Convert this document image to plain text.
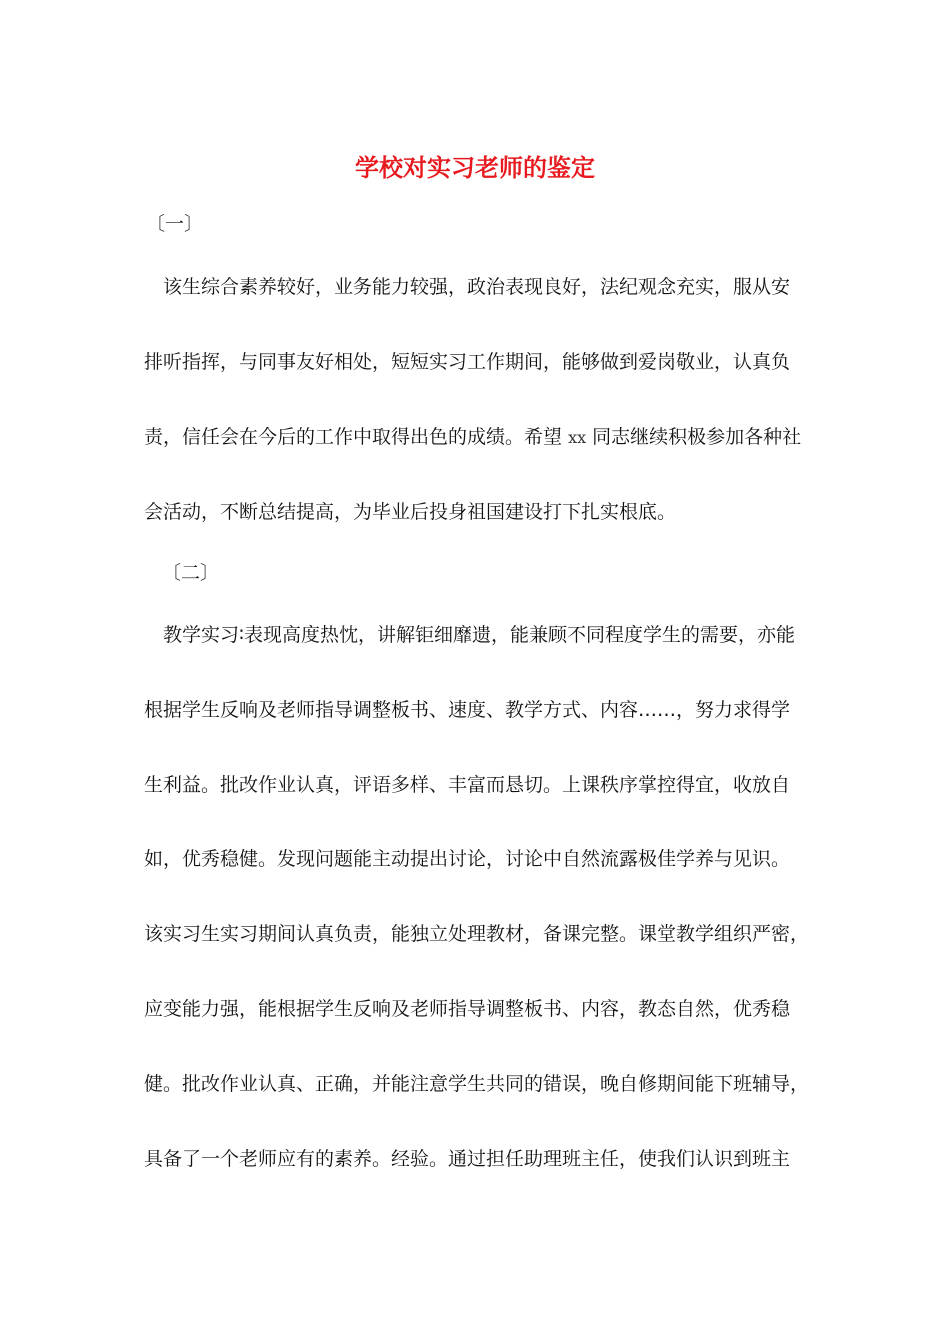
学校对实习老师的鉴定

〔一〕

该生综合素养较好，业务能力较强，政治表现良好，法纪观念充实，服从安
排听指挥，与同事友好相处，短短实习工作期间，能够做到爱岗敬业，认真负
责，信任会在今后的工作中取得出色的成绩。希望 xx 同志继续积极参加各种社
会活动，不断总结提高，为毕业后投身祖国建设打下扎实根底。

〔二〕

教学实习∶表现高度热忱，讲解钜细靡遗，能兼顾不同程度学生的需要，亦能
根据学生反响及老师指导调整板书、速度、教学方式、内容……，努力求得学
生利益。批改作业认真，评语多样、丰富而恳切。上课秩序掌控得宜，收放自
如，优秀稳健。发现问题能主动提出讨论，讨论中自然流露极佳学养与见识。
该实习生实习期间认真负责，能独立处理教材，备课完整。课堂教学组织严密，
应变能力强，能根据学生反响及老师指导调整板书、内容，教态自然，优秀稳
健。批改作业认真、正确，并能注意学生共同的错误，晚自修期间能下班辅导，
具备了一个老师应有的素养。经验。通过担任助理班主任，使我们认识到班主
